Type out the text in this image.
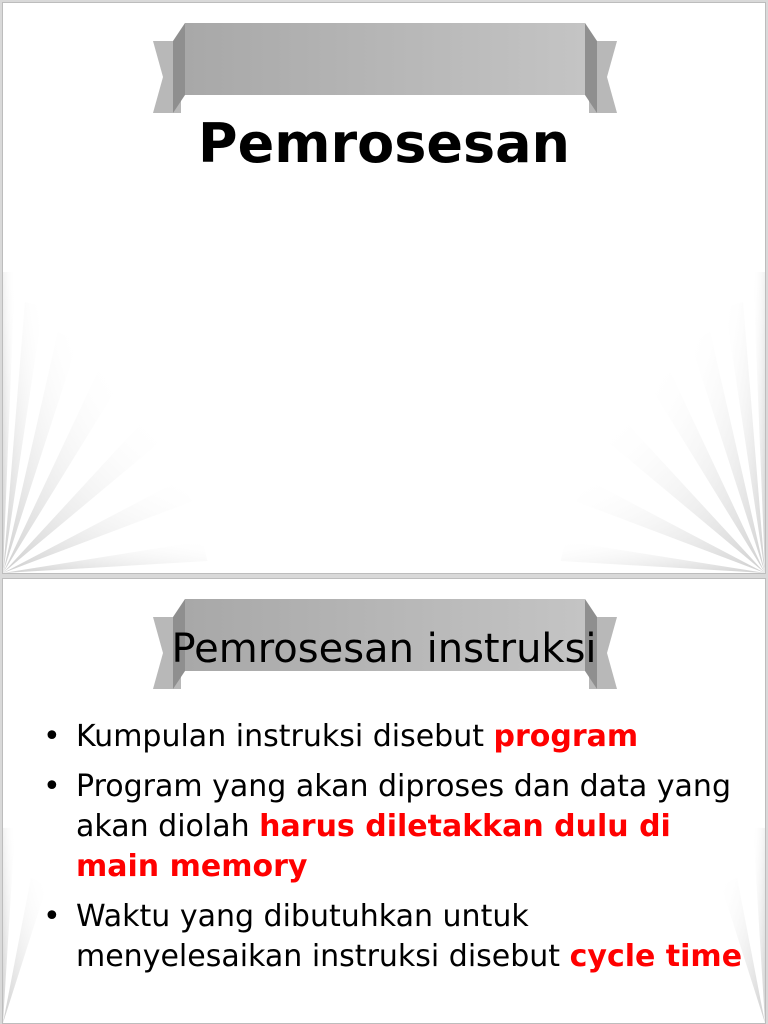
Pemrosesan
Pemrosesan instruksi
• Kumpulan instruksi disebut program
• Program yang akan diproses dan data yang akan diolah harus diletakkan dulu di main memory
• Waktu yang dibutuhkan untuk menyelesaikan instruksi disebut cycle time
